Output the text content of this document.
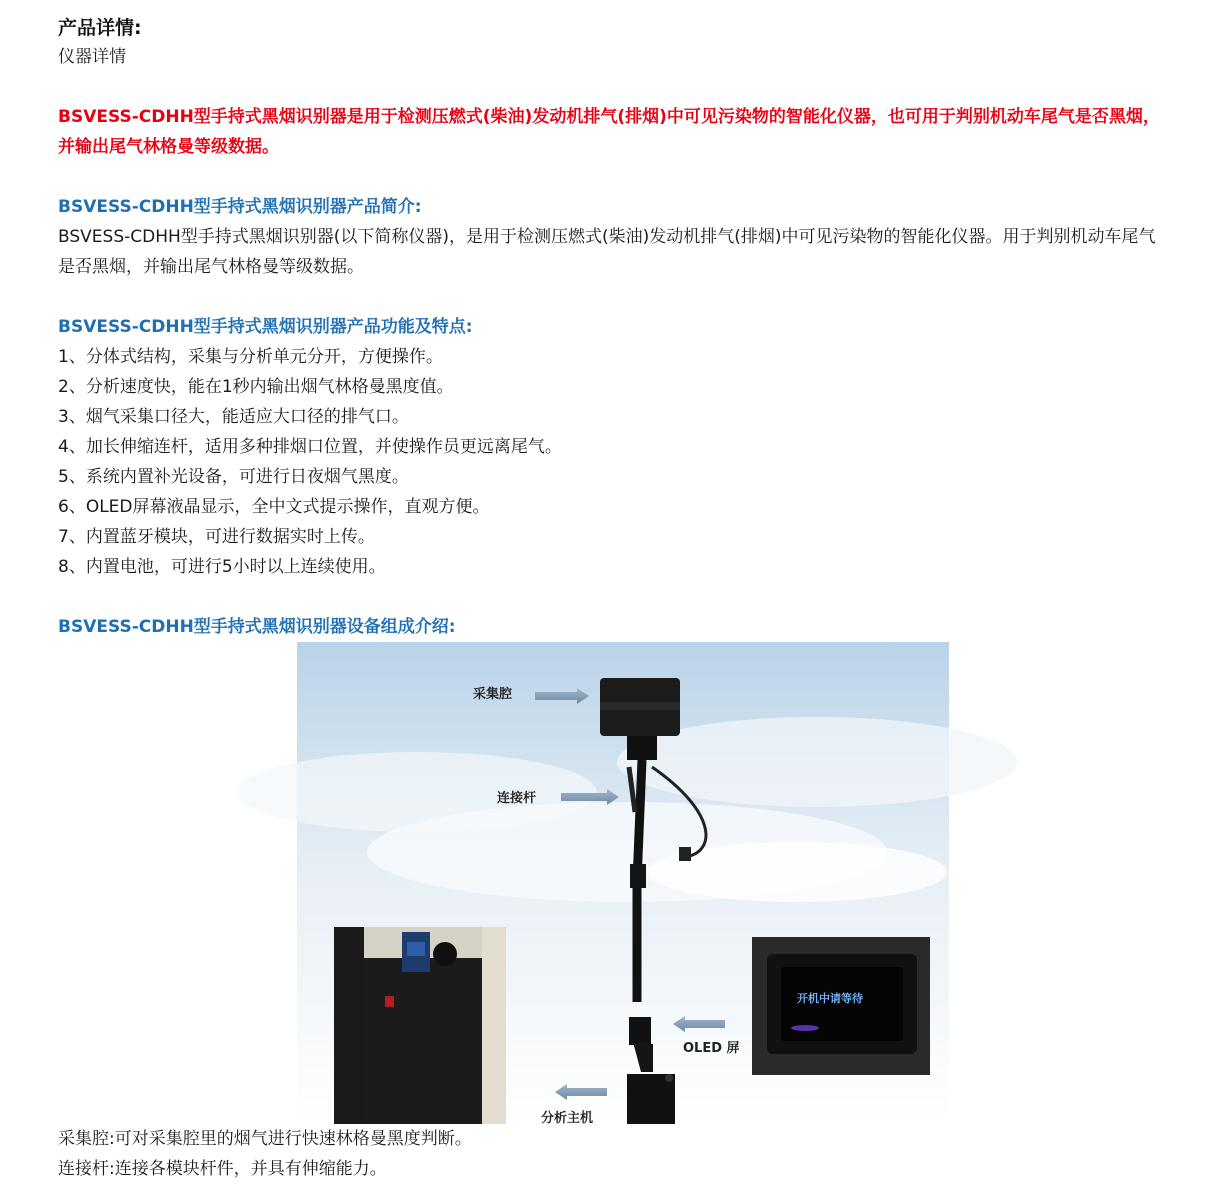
产品详情:

仪器详情

BSVESS-CDHH型手持式黑烟识别器是用于检测压燃式(柴油)发动机排气(排烟)中可见污染物的智能化仪器，也可用于判别机动车尾气是否黑烟，

并输出尾气林格曼等级数据。

BSVESS-CDHH型手持式黑烟识别器产品简介:

BSVESS-CDHH型手持式黑烟识别器(以下简称仪器)，是用于检测压燃式(柴油)发动机排气(排烟)中可见污染物的智能化仪器。用于判别机动车尾气

是否黑烟，并输出尾气林格曼等级数据。

BSVESS-CDHH型手持式黑烟识别器产品功能及特点:

1、分体式结构，采集与分析单元分开，方便操作。

2、分析速度快，能在1秒内输出烟气林格曼黑度值。

3、烟气采集口径大，能适应大口径的排气口。

4、加长伸缩连杆，适用多种排烟口位置，并使操作员更远离尾气。

5、系统内置补光设备，可进行日夜烟气黑度。

6、OLED屏幕液晶显示，全中文式提示操作，直观方便。

7、内置蓝牙模块，可进行数据实时上传。

8、内置电池，可进行5小时以上连续使用。

BSVESS-CDHH型手持式黑烟识别器设备组成介绍:

采集腔
连接杆
OLED 屏
分析主机
开机中请等待

采集腔:可对采集腔里的烟气进行快速林格曼黑度判断。

连接杆:连接各模块杆件，并具有伸缩能力。
